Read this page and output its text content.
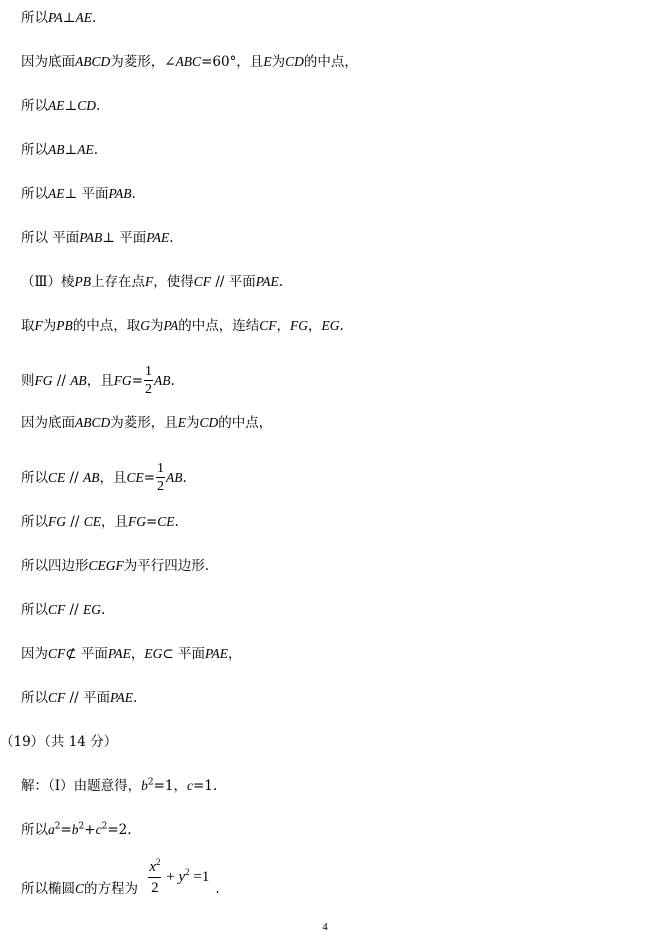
所以PA⊥AE.
因为底面ABCD为菱形，∠ABC=60°，且E为CD的中点，
所以AE⊥CD.
所以AB⊥AE.
所以AE⊥ 平面PAB.
所以 平面PAB⊥ 平面PAE.
（Ⅲ）棱PB上存在点F，使得CF // 平面PAE.
取F为PB的中点，取G为PA的中点，连结CF，FG，EG.
则FG // AB，且$FG= \frac{1}{2}$ AB.
因为底面ABCD为菱形，且E为CD的中点，
所以CE // AB，且$CE= \frac{1}{2}$ AB.
所以FG // CE，且FG=CE.
所以四边形CEGF为平行四边形.
所以CF // EG.
因为CF⊄ 平面PAE，EG⊂ 平面PAE，
所以CF // 平面PAE.
（19）（共 14 分）
解：（I）由题意得，$b^2=1$，c=1.
所以$a^2=b^2+c^2=2$.
所以椭圆C的方程为 $\frac{x^2}{2} + y^2 =1$.
4
